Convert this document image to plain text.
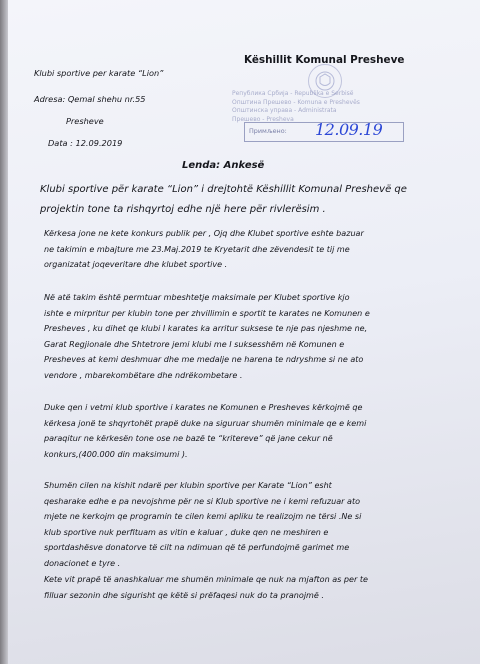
Klubi sportive per karate “Lion”
Adresa: Qemal shehu nr.55
Presheve
Data : 12.09.2019
Këshillit Komunal Presheve
Република Србија - Republika e Serbisë
Општина Прешево - Komuna e Preshevës
Општинска управа - Administrata
Прешево - Presheva
Примљено: 12.09.19
Lenda: Ankesë
Klubi sportive për karate “Lion” i drejtohtë Këshillit Komunal Preshevë qe
projektin tone ta rishqyrtoj edhe një here për rivlerësim .
Kërkesa jone ne kete konkurs publik per , Ojq dhe Klubet sportive eshte bazuar
ne takimin e mbajture me 23.Maj.2019 te Kryetarit dhe zëvendesit te tij me
organizatat joqeveritare dhe klubet sportive .
Në atë takim është permtuar mbeshtetje maksimale per Klubet sportive kjo
ishte e mirpritur per klubin tone per zhvillimin e sportit te karates ne Komunen e
Presheves , ku dihet qe klubi I karates ka arritur suksese te nje pas njeshme ne,
Garat Regjionale dhe Shtetrore jemi klubi me I suksesshëm në Komunen e
Presheves at kemi deshmuar dhe me medalje ne harena te ndryshme si ne ato
vendore , mbarekombëtare dhe ndrëkombetare .
Duke qen i vetmi klub sportive i karates ne Komunen e Presheves kërkojmë qe
kërkesa jonë te shqyrtohët prapë duke na siguruar shumën minimale qe e kemi
paraqitur ne kërkesën tone ose ne bazë te “kritereve” që jane cekur në
konkurs,(400.000 din maksimumi ).
Shumën cilen na kishit ndarë per klubin sportive per Karate “Lion” esht
qesharake edhe e pa nevojshme për ne si Klub sportive ne i kemi refuzuar ato
mjete ne kerkojm qe programin te cilen kemi apliku te realizojm ne tërsi .Ne si
klub sportive nuk perfituam as vitin e kaluar , duke qen ne meshiren e
sportdashësve donatorve të cilt na ndimuan që të perfundojmë garimet me
donacionet e tyre .
Kete vit prapë të anashkaluar me shumën minimale qe nuk na mjafton as per te
filluar sezonin dhe sigurisht qe këtë si prëfaqesi nuk do ta pranojmë .
